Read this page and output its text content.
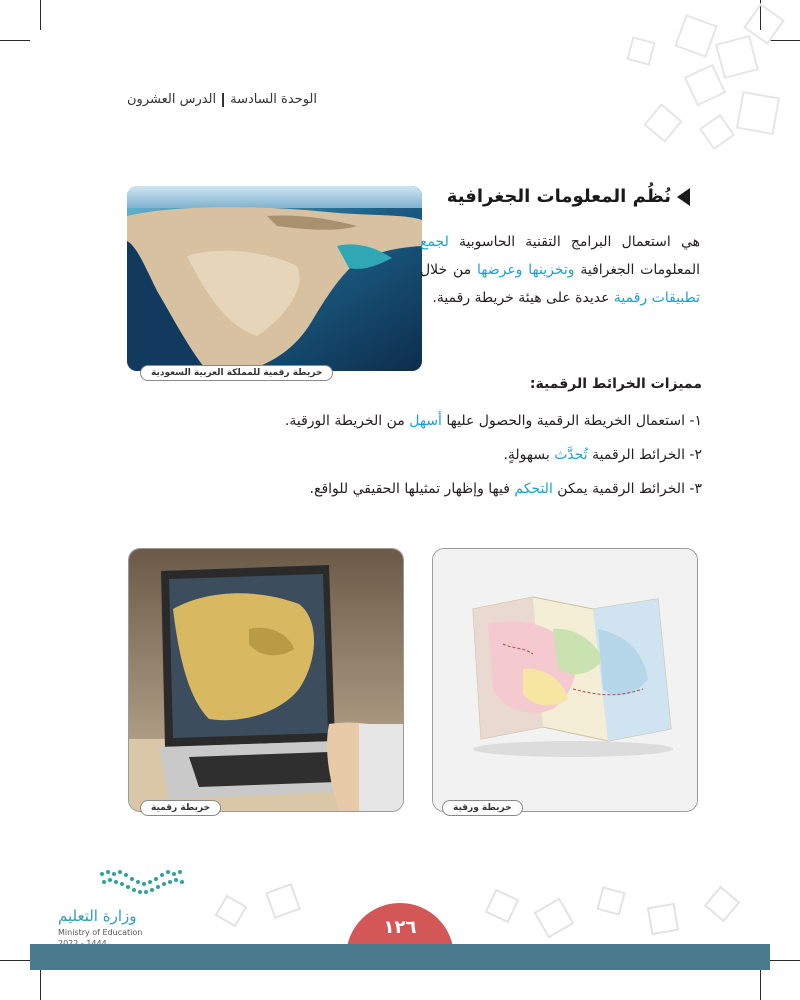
الوحدة السادسةالدرس العشرون
خريطة رقمية للمملكة العربية السعودية
نُظُم المعلومات الجغرافية
هي استعمال البرامج التقنية الحاسوبية لجمع المعلومات الجغرافية وتخزينها وعرضها من خلال تطبيقات رقمية عديدة على هيئة خريطة رقمية.
مميزات الخرائط الرقمية:
١- استعمال الخريطة الرقمية والحصول عليها أسهل من الخريطة الورقية.
٢- الخرائط الرقمية تُحدَّث بسهولةٍ.
٣- الخرائط الرقمية يمكن التحكم فيها وإظهار تمثيلها الحقيقي للواقع.
خريطة رقمية	خريطة ورقية
وزارة التعليم
Ministry of Education	١٢٦
